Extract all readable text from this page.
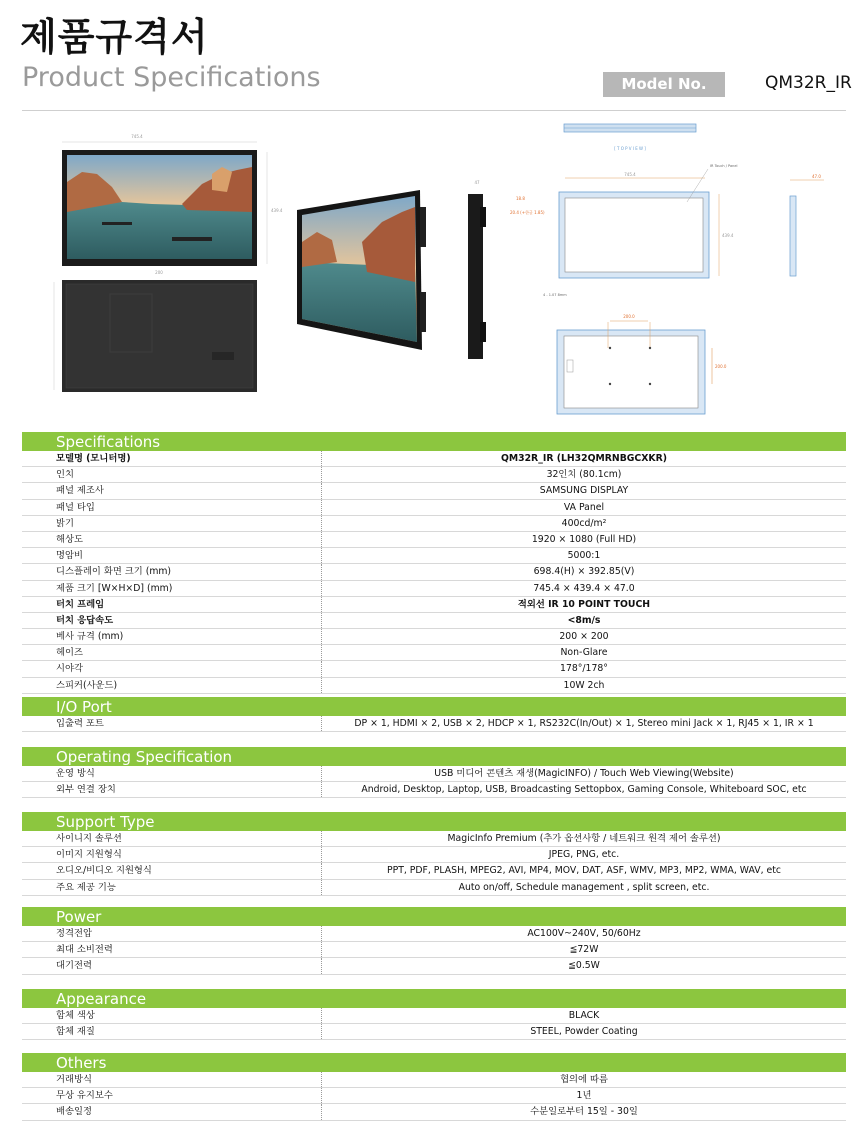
제품규격서
Product Specifications	Model No.	QM32R_IR
745.4
439.4
200
47
[ T O P V I E W ]
745.4
IR Touch / Panel
18.8
20.4 (+한글 1.85)
439.4
47.0
4 - 1.07 8mm
200.0
200.0
Specifications
모델명 (모니터명)	QM32R_IR (LH32QMRNBGCXKR)
인치	32인치 (80.1cm)
패널 제조사	SAMSUNG DISPLAY
패널 타입	VA Panel
밝기	400cd/m²
해상도	1920 × 1080 (Full HD)
명암비	5000:1
디스플레이 화면 크기 (mm)	698.4(H) × 392.85(V)
제품 크기 [W×H×D] (mm)	745.4 × 439.4 × 47.0
터치 프레임	적외선 IR 10 POINT TOUCH
터치 응답속도	<8m/s
베사 규격 (mm)	200 × 200
헤이즈	Non-Glare
시야각	178°/178°
스피커(사운드)	10W 2ch
I/O Port
입출력 포트	DP × 1, HDMI × 2, USB × 2, HDCP × 1, RS232C(In/Out) × 1, Stereo mini Jack × 1, RJ45 × 1, IR × 1
Operating Specification
운영 방식	USB 미디어 콘텐츠 재생(MagicINFO) / Touch Web Viewing(Website)
외부 연결 장치	Android, Desktop, Laptop, USB, Broadcasting Settopbox, Gaming Console, Whiteboard SOC, etc
Support Type
사이니지 솔루션	MagicInfo Premium (추가 옵션사항 / 네트워크 원격 제어 솔루션)
이미지 지원형식	JPEG, PNG, etc.
오디오/비디오 지원형식	PPT, PDF, PLASH, MPEG2, AVI, MP4, MOV, DAT, ASF, WMV, MP3, MP2, WMA, WAV, etc
주요 제공 기능	Auto on/off, Schedule management , split screen, etc.
Power
정격전압	AC100V~240V, 50/60Hz
최대 소비전력	≦72W
대기전력	≦0.5W
Appearance
함체 색상	BLACK
함체 재질	STEEL, Powder Coating
Others
거래방식	협의에 따름
무상 유지보수	1년
배송일정	수분일로부터 15일 - 30일
